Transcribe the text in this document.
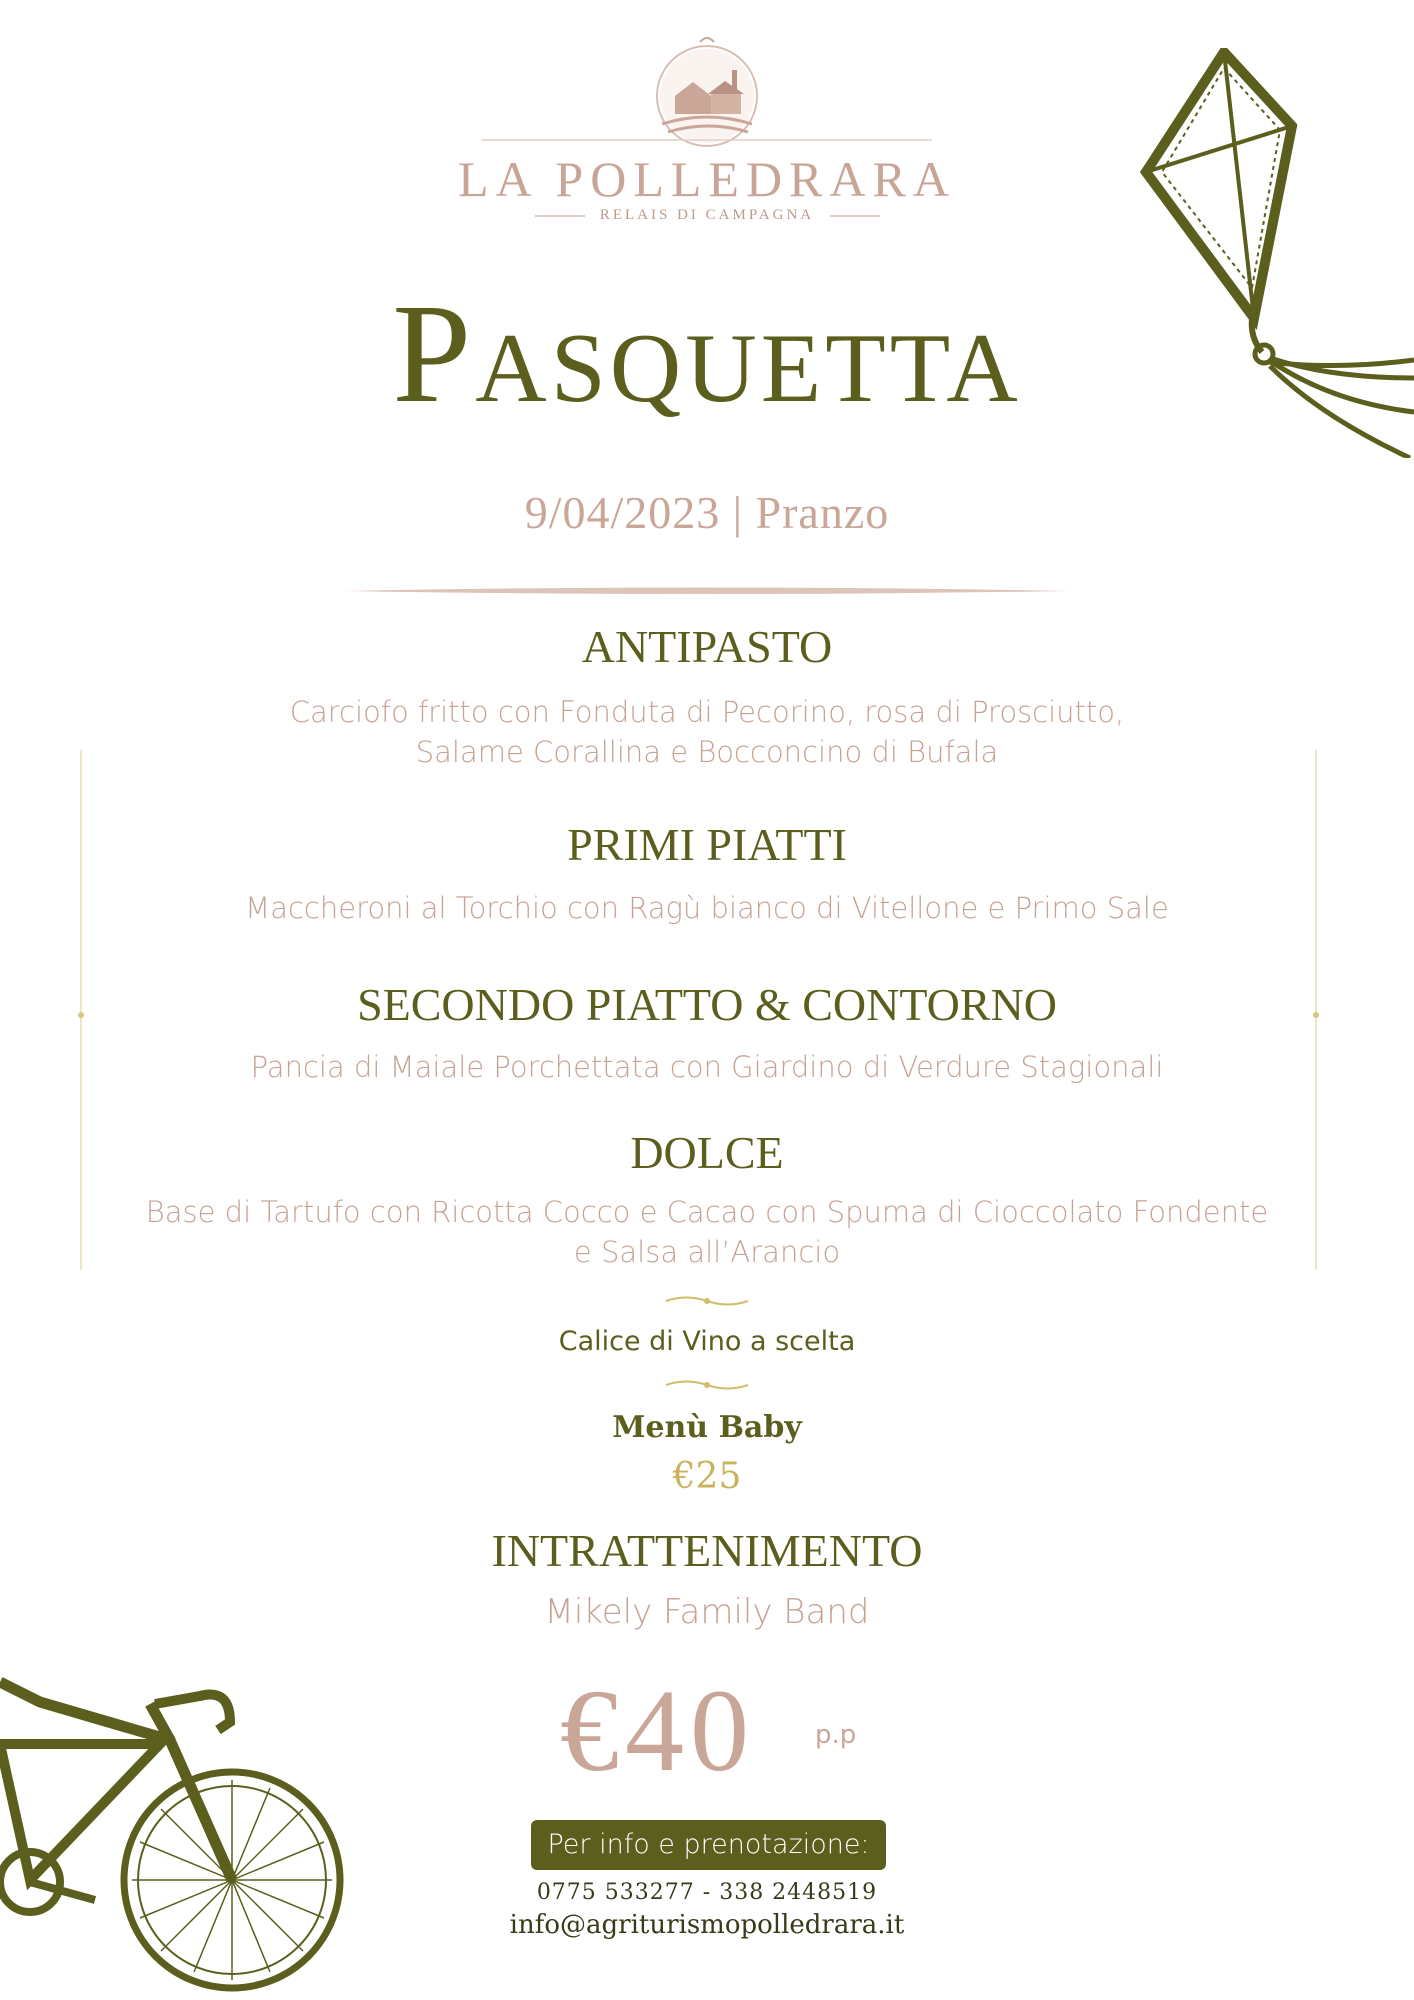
LA POLLEDRARA
RELAIS DI CAMPAGNA
Pasquetta
9/04/2023 | Pranzo
ANTIPASTO
Carciofo fritto con Fonduta di Pecorino, rosa di Prosciutto,
Salame Corallina e Bocconcino di Bufala
PRIMI PIATTI
Maccheroni al Torchio con Ragù bianco di Vitellone e Primo Sale
SECONDO PIATTO & CONTORNO
Pancia di Maiale Porchettata con Giardino di Verdure Stagionali
DOLCE
Base di Tartufo con Ricotta Cocco e Cacao con Spuma di Cioccolato Fondente
e Salsa all’Arancio
Calice di Vino a scelta
Menù Baby
€25
INTRATTENIMENTO
Mikely Family Band
€40 p.p
Per info e prenotazione:
0775 533277 - 338 2448519
info@agriturismopolledrara.it
